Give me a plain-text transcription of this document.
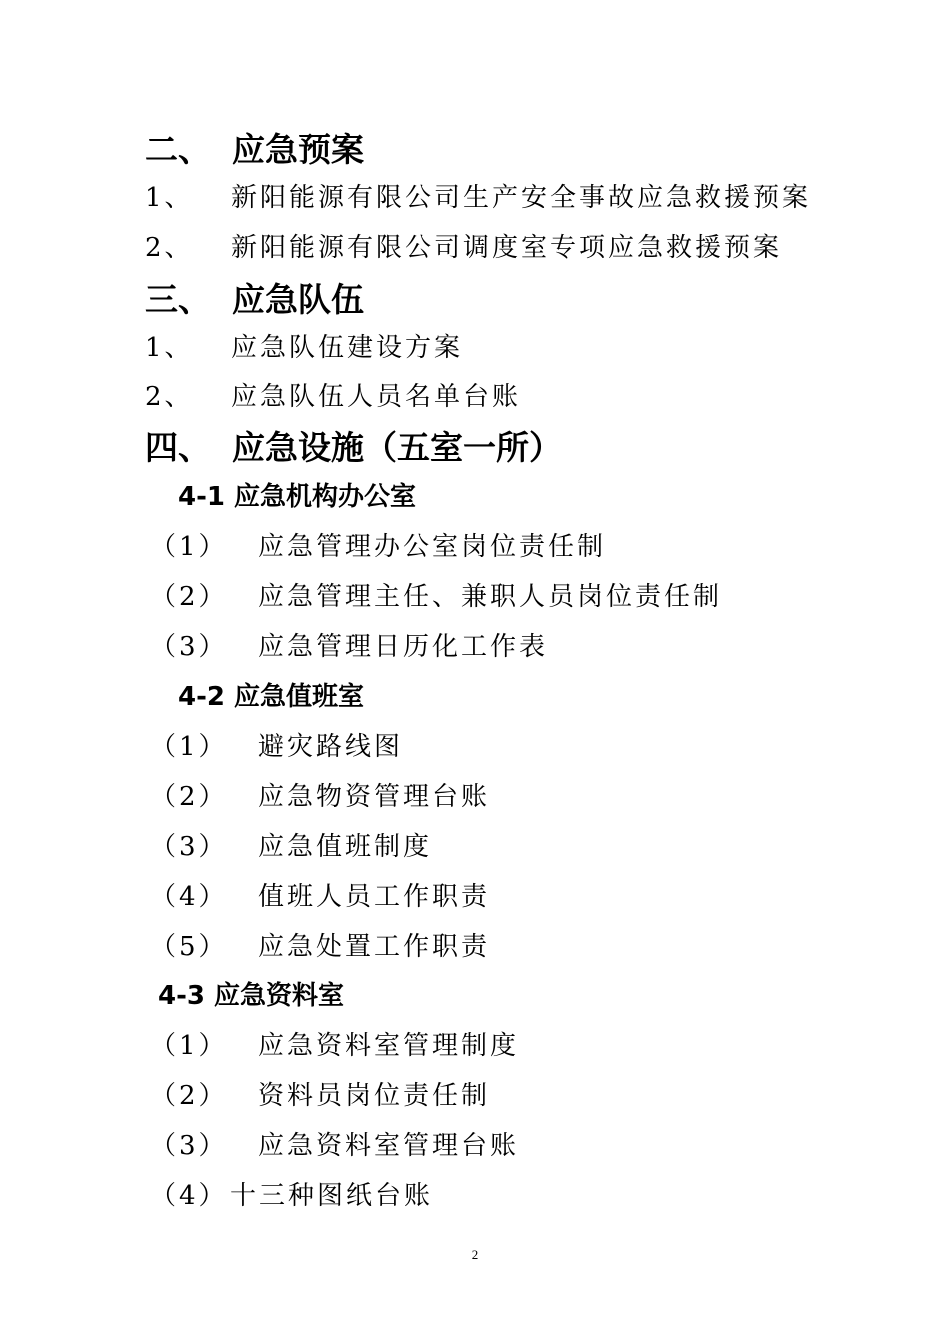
二、 应急预案
1、 新阳能源有限公司生产安全事故应急救援预案
2、 新阳能源有限公司调度室专项应急救援预案
三、 应急队伍
1、 应急队伍建设方案
2、 应急队伍人员名单台账
四、 应急设施（五室一所）
4-1 应急机构办公室
（1） 应急管理办公室岗位责任制
（2） 应急管理主任、兼职人员岗位责任制
（3） 应急管理日历化工作表
4-2 应急值班室
（1） 避灾路线图
（2） 应急物资管理台账
（3） 应急值班制度
（4） 值班人员工作职责
（5） 应急处置工作职责
4-3 应急资料室
（1） 应急资料室管理制度
（2） 资料员岗位责任制
（3） 应急资料室管理台账
（4） 十三种图纸台账
2
